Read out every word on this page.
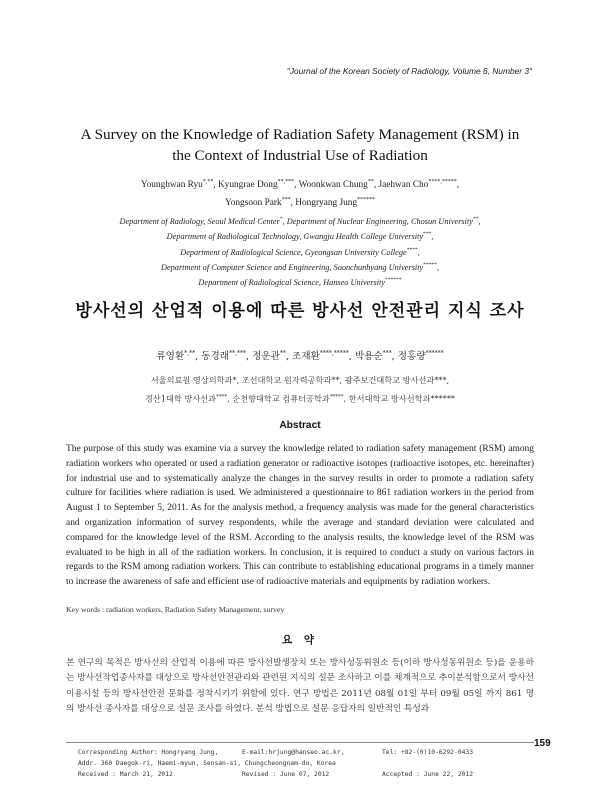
"Journal of the Korean Society of Radiology, Volume 6, Number 3"
A Survey on the Knowledge of Radiation Safety Management (RSM) in
the Context of Industrial Use of Radiation
Younghwan Ryu*,**, Kyungrae Dong**,***, Woonkwan Chung**, Jaehwan Cho****,*****,
Yongsoon Park***, Hongryang Jung******
Department of Radiology, Seoul Medical Center*, Department of Nuclear Engineering, Chosun University**,
Department of Radiological Technology, Gwangju Health College University***,
Department of Radiological Science, Gyeongsan University College****,
Department of Computer Science and Engineering, Soonchunhyang University*****,
Department of Radiological Science, Hanseo University******
방사선의 산업적 이용에 따른 방사선 안전관리 지식 조사
류영환*,**, 동경래**,***, 정운관**, 조재환****,*****, 박용순***, 정홍량******
서울의료원 영상의학과*, 조선대학교 원자력공학과**, 광주보건대학교 방사선과***,
경산1대학 방사선과****, 순천향대학교 컴퓨터공학과*****, 한서대학교 방사선학과******
Abstract
The purpose of this study was examine via a survey the knowledge related to radiation safety management (RSM) among radiation workers who operated or used a radiation generator or radioactive isotopes (radioactive isotopes, etc. hereinafter) for industrial use and to systematically analyze the changes in the survey results in order to promote a radiation safety culture for facilities where radiation is used. We administered a questionnaire to 861 radiation workers in the period from August 1 to September 5, 2011. As for the analysis method, a frequency analysis was made for the general characteristics and organization information of survey respondents, while the average and standard deviation were calculated and compared for the knowledge level of the RSM. According to the analysis results, the knowledge level of the RSM was evaluated to be high in all of the radiation workers. In conclusion, it is required to conduct a study on various factors in regards to the RSM among radiation workers. This can contribute to establishing educational programs in a timely manner to increase the awareness of safe and efficient use of radioactive materials and equipments by radiation workers.
Key words : radiation workers, Radiation Safety Management, survey
요 약
본 연구의 목적은 방사선의 산업적 이용에 따른 방사선발생장치 또는 방사성동위원소 등(이하 방사성동위원소 등)을 운용하는 방사선작업종사자를 대상으로 방사선안전관리와 관련된 지식의 설문 조사하고 이를 체계적으로 추이분석함으로서 방사선 이용시설 등의 방사선안전 문화를 정착시키기 위함에 있다. 연구 방법은 2011년 08월 01일 부터 09월 05일 까지 861 명의 방사선 종사자를 대상으로 설문 조사를 하였다. 분석 방법으로 설문 응답자의 일반적인 특성과
159
Corresponding Author: Hongryang Jung,	E-mail:hrjung@hanseo.ac.kr,	Tel: +82-(0)10-6292-0433
Addr. 360 Daegok-ri, Haemi-myun, Seosan-si, Chungcheongnam-do, Korea
Received : March 21, 2012	Revised : June 07, 2012	Accepted : June 22, 2012
